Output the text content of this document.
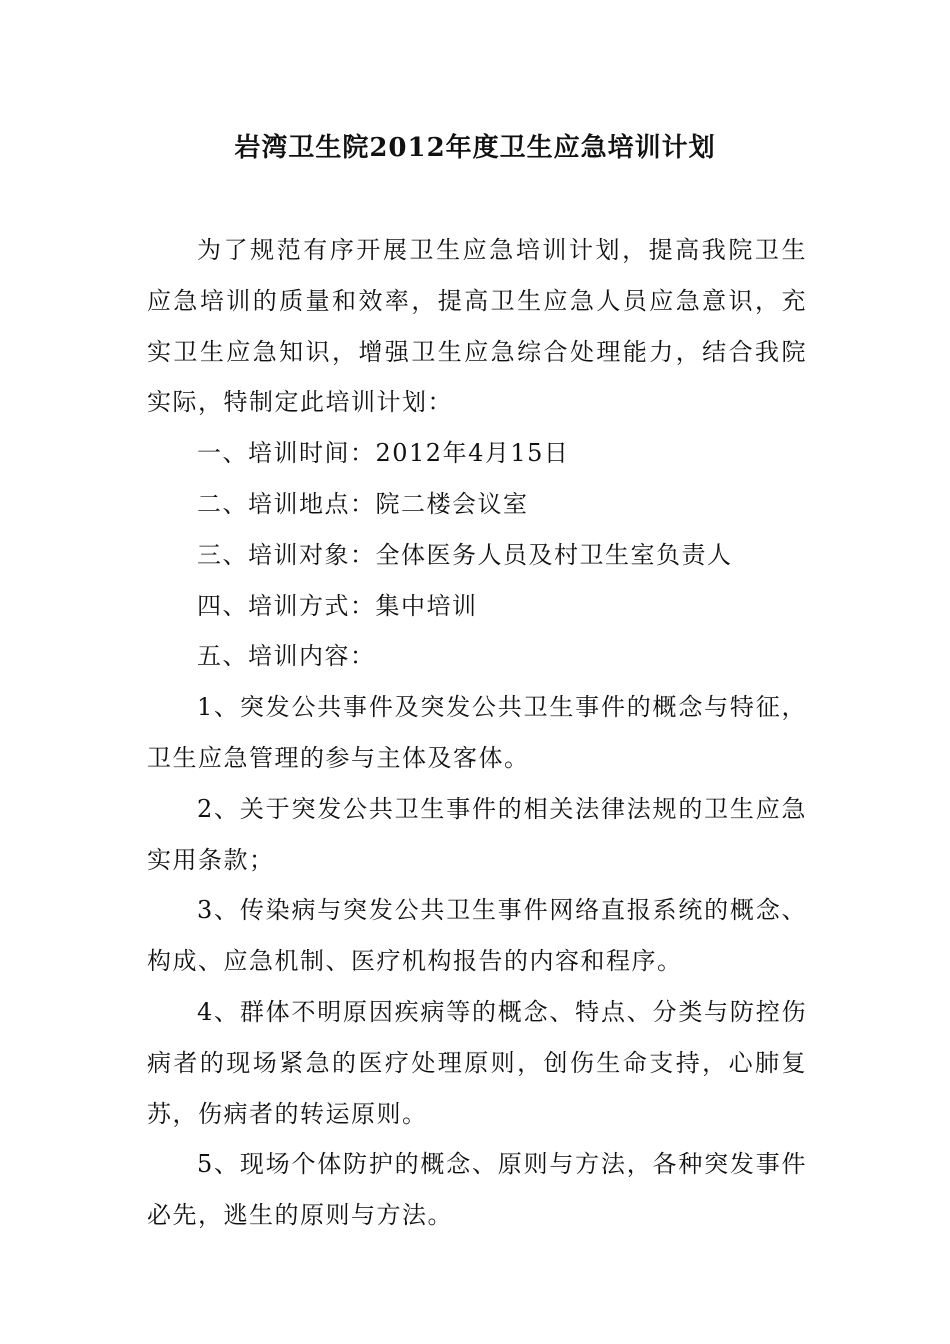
岩湾卫生院2012年度卫生应急培训计划

为了规范有序开展卫生应急培训计划，提高我院卫生应急培训的质量和效率，提高卫生应急人员应急意识，充实卫生应急知识，增强卫生应急综合处理能力，结合我院实际，特制定此培训计划：

一、培训时间：2012年4月15日

二、培训地点：院二楼会议室

三、培训对象：全体医务人员及村卫生室负责人

四、培训方式：集中培训

五、培训内容：

1、突发公共事件及突发公共卫生事件的概念与特征，卫生应急管理的参与主体及客体。

2、关于突发公共卫生事件的相关法律法规的卫生应急实用条款；

3、传染病与突发公共卫生事件网络直报系统的概念、构成、应急机制、医疗机构报告的内容和程序。

4、群体不明原因疾病等的概念、特点、分类与防控伤病者的现场紧急的医疗处理原则，创伤生命支持，心肺复苏，伤病者的转运原则。

5、现场个体防护的概念、原则与方法，各种突发事件必先，逃生的原则与方法。
